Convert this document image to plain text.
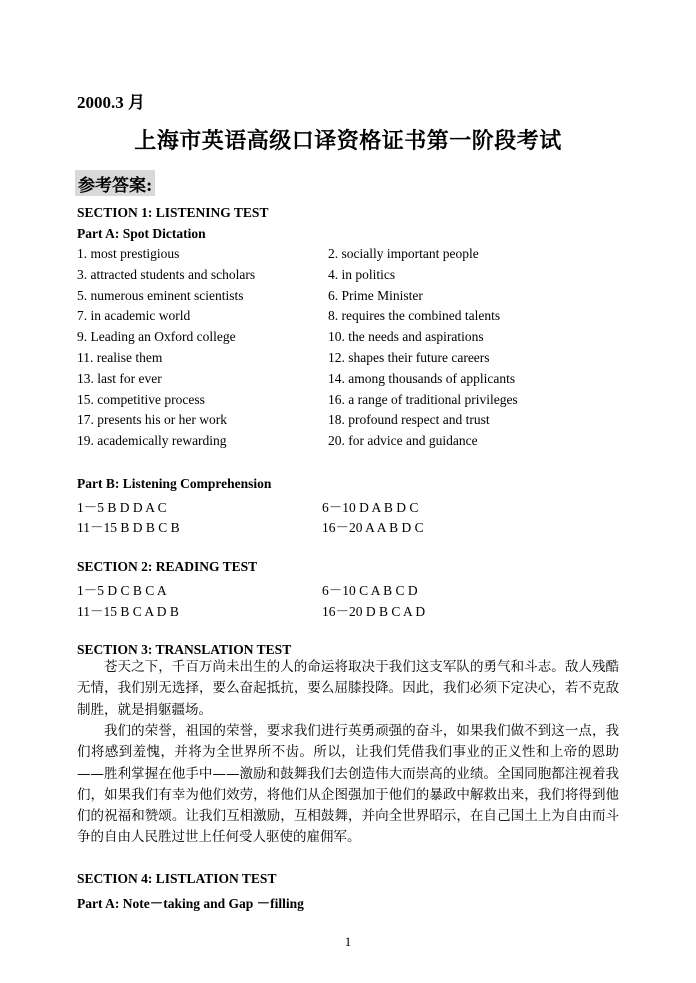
2000.3 月
上海市英语高级口译资格证书第一阶段考试
参考答案:
SECTION 1: LISTENING TEST
Part A: Spot Dictation
1. most prestigious	2. socially important people
3. attracted students and scholars	4. in politics
5. numerous eminent scientists	6. Prime Minister
7. in academic world	8. requires the combined talents
9. Leading an Oxford college	10. the needs and aspirations
11. realise them	12. shapes their future careers
13. last for ever	14. among thousands of applicants
15. competitive process	16. a range of traditional privileges
17. presents his or her work	18. profound respect and trust
19. academically rewarding	20. for advice and guidance
Part B: Listening Comprehension
1－5 B D D A C	6－10 D A B D C
11－15 B D B C B	16－20 A A B D C
SECTION 2: READING TEST
1－5 D C B C A	6－10 C A B C D
11－15 B C A D B	16－20 D B C A D
SECTION 3: TRANSLATION TEST

苍天之下，千百万尚未出生的人的命运将取决于我们这支军队的勇气和斗志。敌人残酷无情，我们别无选择，要么奋起抵抗，要么屈膝投降。因此，我们必须下定决心，若不克敌制胜，就是捐躯疆场。

我们的荣誉，祖国的荣誉，要求我们进行英勇顽强的奋斗，如果我们做不到这一点，我们将感到羞愧，并将为全世界所不齿。所以，让我们凭借我们事业的正义性和上帝的恩助——胜利掌握在他手中——激励和鼓舞我们去创造伟大而崇高的业绩。全国同胞都注视着我们，如果我们有幸为他们效劳，将他们从企图强加于他们的暴政中解救出来，我们将得到他们的祝福和赞颂。让我们互相激励，互相鼓舞，并向全世界昭示，在自己国土上为自由而斗争的自由人民胜过世上任何受人驱使的雇佣军。

SECTION 4: LISTLATION TEST
Part A: Note－taking and Gap －filling
1
